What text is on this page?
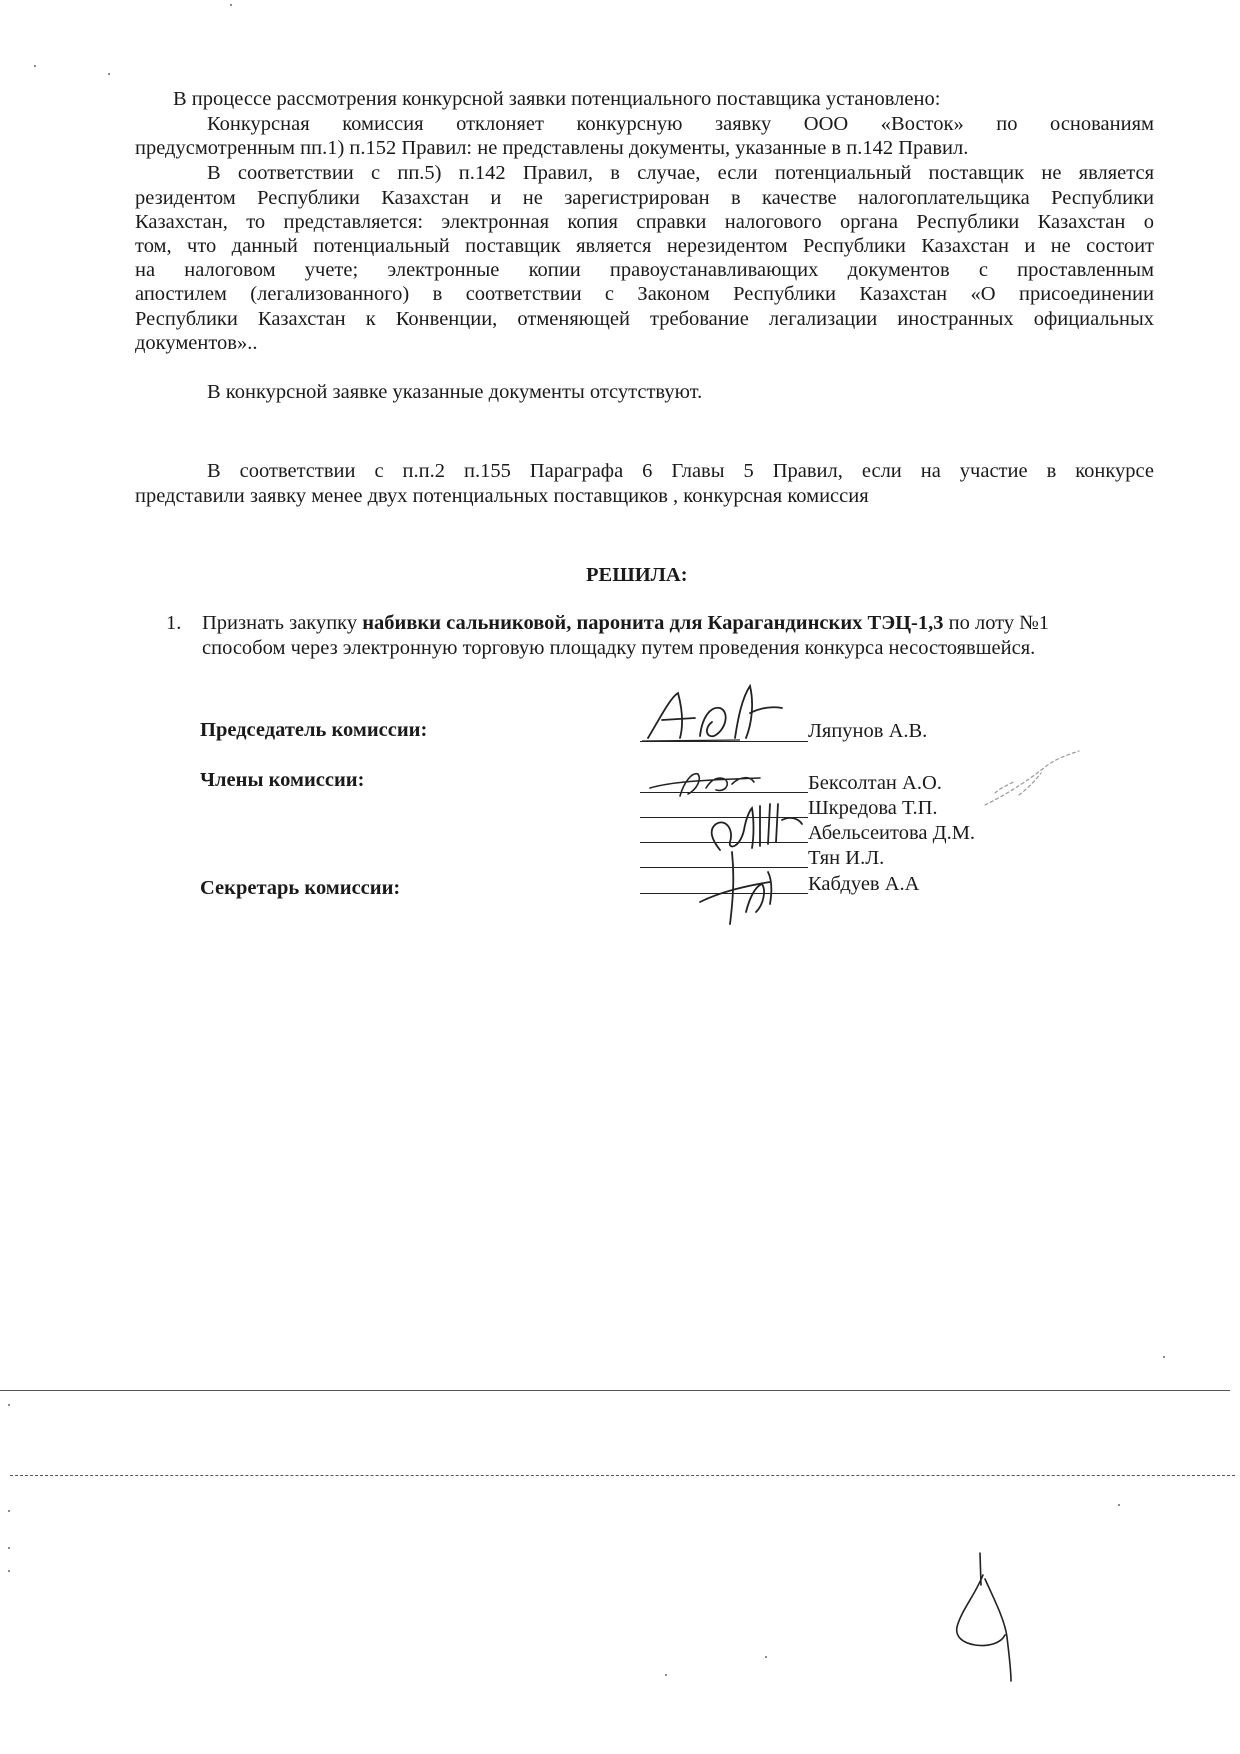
В процессе рассмотрения конкурсной заявки потенциального поставщика установлено:
Конкурсная комиссия отклоняет конкурсную заявку ООО «Восток» по основаниям
предусмотренным пп.1) п.152 Правил: не представлены документы, указанные в п.142 Правил.
В соответствии с пп.5) п.142 Правил, в случае, если потенциальный поставщик не является
резидентом Республики Казахстан и не зарегистрирован в качестве налогоплательщика Республики
Казахстан, то представляется: электронная копия справки налогового органа Республики Казахстан о
том, что данный потенциальный поставщик является нерезидентом Республики Казахстан и не состоит
на налоговом учете; электронные копии правоустанавливающих документов с проставленным
апостилем (легализованного) в соответствии с Законом Республики Казахстан «О присоединении
Республики Казахстан к Конвенции, отменяющей требование легализации иностранных официальных
документов»..
В конкурсной заявке указанные документы отсутствуют.
В соответствии с п.п.2 п.155 Параграфа 6 Главы 5 Правил, если на участие в конкурсе
представили заявку менее двух потенциальных поставщиков , конкурсная комиссия
РЕШИЛА:
1. Признать закупку набивки сальниковой, паронита для Карагандинских ТЭЦ-1,3 по лоту №1
способом через электронную торговую площадку путем проведения конкурса несостоявшейся.
Председатель комиссии:	Ляпунов А.В.
Члены комиссии:	Бексолтан А.О.
Шкредова Т.П.
Абельсеитова Д.М.
Тян И.Л.
Секретарь комиссии:	Кабдуев А.А
